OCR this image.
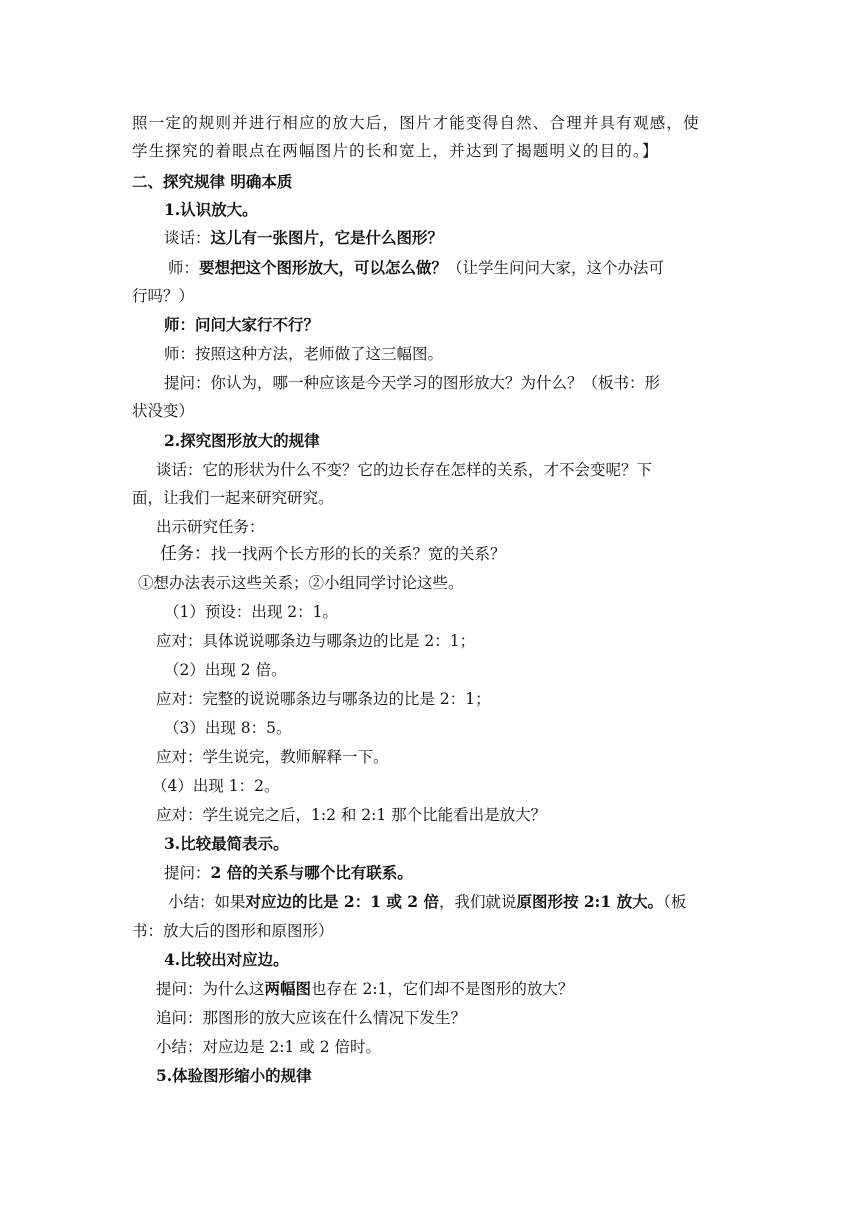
照一定的规则并进行相应的放大后，图片才能变得自然、合理并具有观感，使
学生探究的着眼点在两幅图片的长和宽上，并达到了揭题明义的目的。】
二、探究规律 明确本质
1.认识放大。
谈话：这儿有一张图片，它是什么图形？
师：要想把这个图形放大，可以怎么做？（让学生问问大家，这个办法可
行吗？）
师：问问大家行不行？
师：按照这种方法，老师做了这三幅图。
提问：你认为，哪一种应该是今天学习的图形放大？为什么？（板书：形
状没变）
2.探究图形放大的规律
谈话：它的形状为什么不变？它的边长存在怎样的关系，才不会变呢？下
面，让我们一起来研究研究。
出示研究任务：
任务：找一找两个长方形的长的关系？宽的关系？
①想办法表示这些关系；②小组同学讨论这些。
（1）预设：出现 2：1。
应对：具体说说哪条边与哪条边的比是 2：1；
（2）出现 2 倍。
应对：完整的说说哪条边与哪条边的比是 2：1；
（3）出现 8：5。
应对：学生说完，教师解释一下。
（4）出现 1：2。
应对：学生说完之后，1:2 和 2:1 那个比能看出是放大？
3.比较最简表示。
提问：2 倍的关系与哪个比有联系。
小结：如果对应边的比是 2：1 或 2 倍，我们就说原图形按 2:1 放大。（板
书：放大后的图形和原图形）
4.比较出对应边。
提问：为什么这两幅图也存在 2:1，它们却不是图形的放大？
追问：那图形的放大应该在什么情况下发生？
小结：对应边是 2:1 或 2 倍时。
5.体验图形缩小的规律
